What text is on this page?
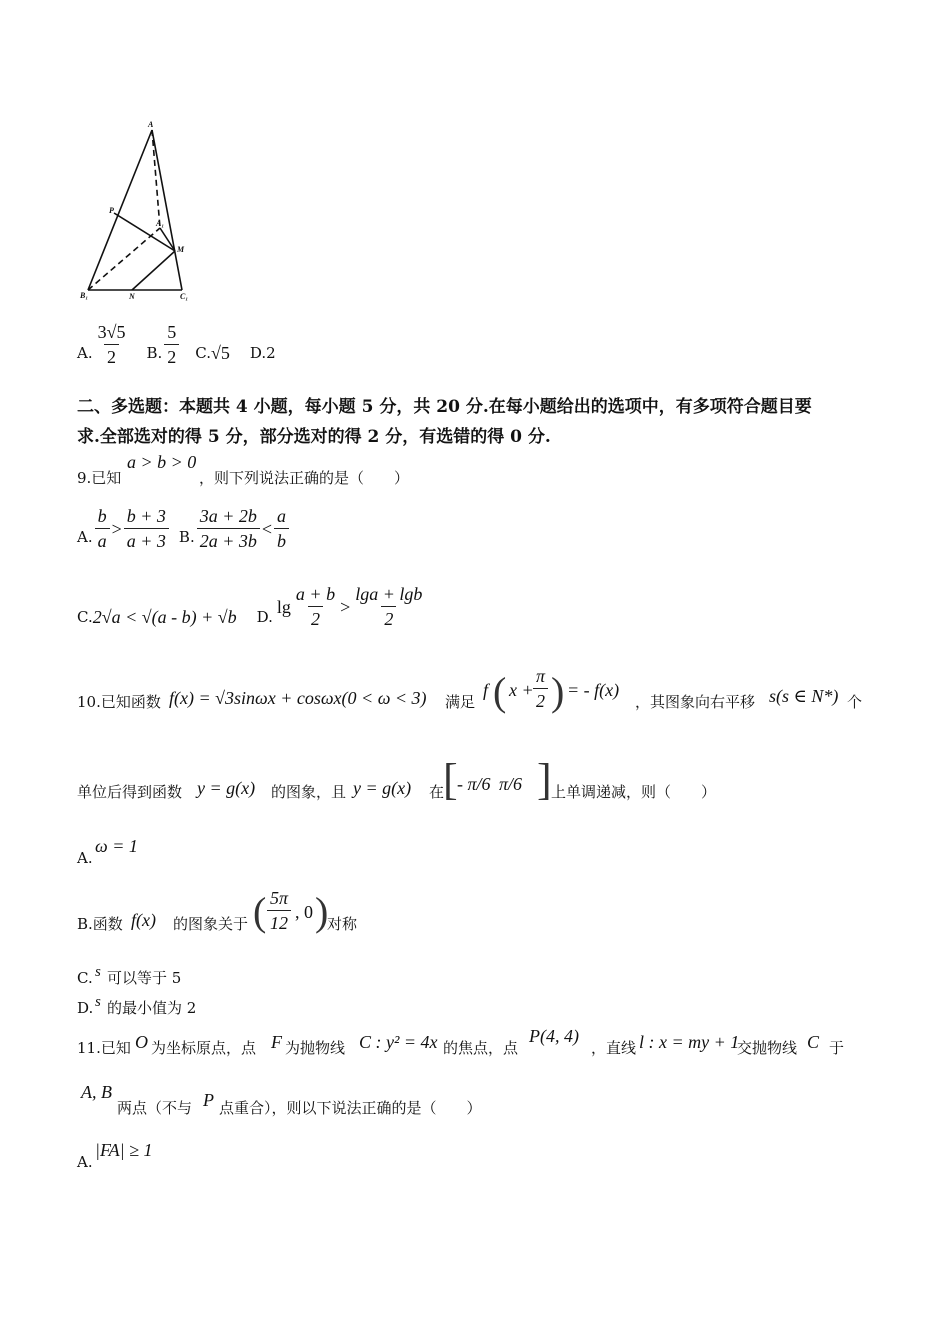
A
P
A₁
M
B₁	N	C₁
A. $\frac{3√5}{2} B$. $\frac{5}{2} C$. √5 D.2
二、多选题：本题共 4 小题，每小题 5 分，共 20 分.在每小题给出的选项中，有多项符合题目要
求.全部选对的得 5 分，部分选对的得 2 分，有选错的得 0 分.
9.已知
a > b > 0
，则下列说法正确的是（　　）
A. $\frac{b}{a} > \frac{b + 3}{a + 3} B$. $\frac{3a + 2b}{2a + 3b} < \frac{a}{b}$
C. 2√a < √(a - b) + √b D. $\lg \frac{a + b}{2} > \frac{\lg a + \lg b}{2}$
10.已知函数 f(x) = √3sinωx + cosωx(0 < ω < 3) 满足
f ( $x + \frac{\pi}{2}$ ) = - f(x)
，其图象向右平移 s(s ∈ N*) 个
单位后得到函数 y = g(x) 的图象，且 y = g(x) 在
[ - π/6 π/6 ] 上单调递减，则（　　）
A.
ω = 1
B.函数 f(x) 的图象关于 ( $\frac{5\pi}{12}$ , 0 )
对称
C. s 可以等于 5
D. s 的最小值为 2
11.已知 O 为坐标原点，点 F 为抛物线 C : y² = 4x 的焦点，点
P(4, 4)
，直线 l : x = my + 1
交抛物线 C 于
A, B
两点（不与 P 点重合），则以下说法正确的是（　　）
A.
|FA| ≥ 1
